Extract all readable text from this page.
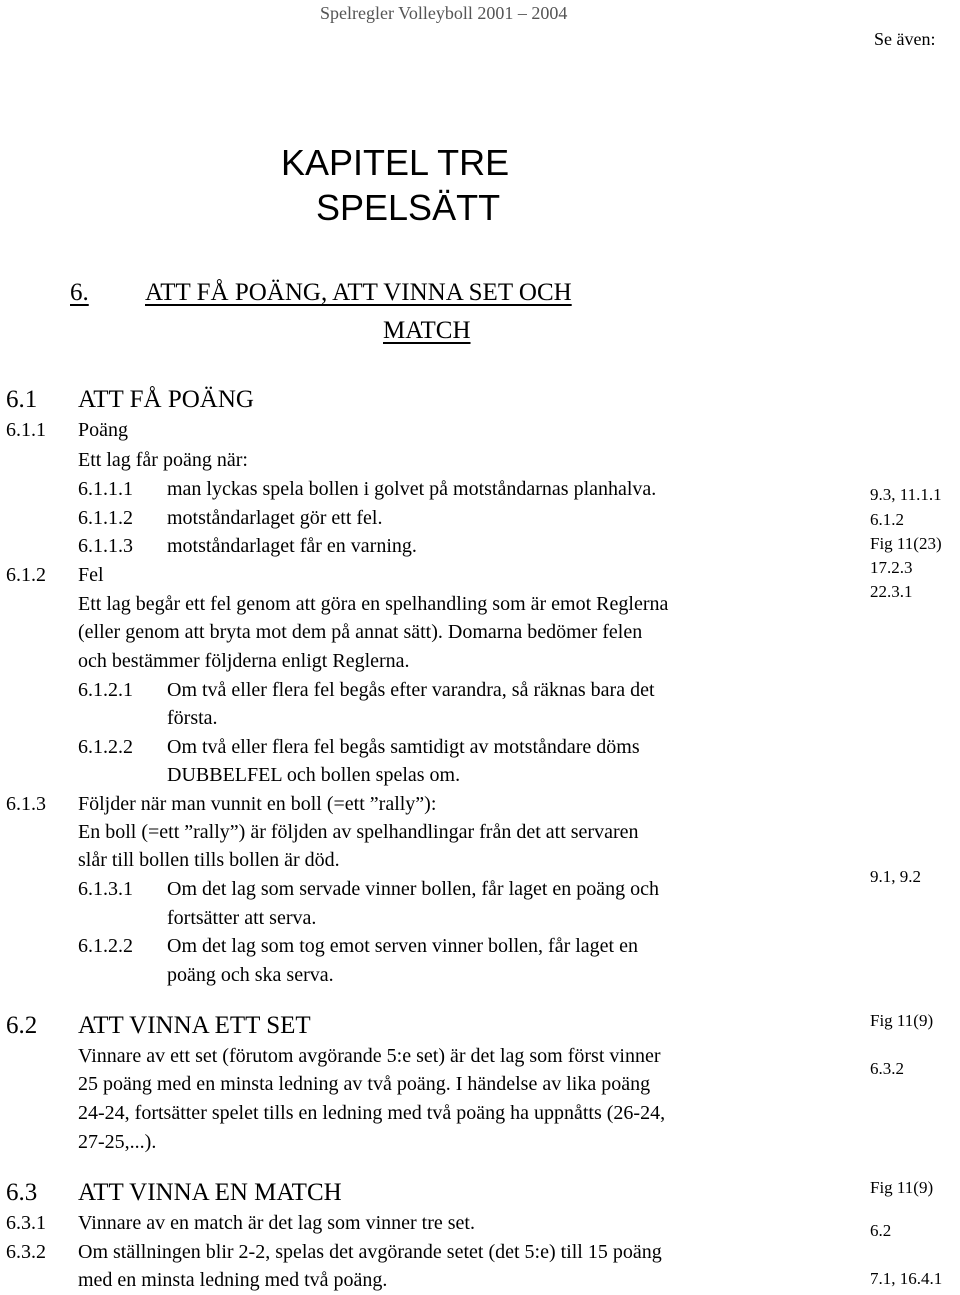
Spelregler Volleyboll 2001 – 2004
Se även:
KAPITEL TRE
SPELSÄTT
6. ATT FÅ POÄNG, ATT VINNA SET OCH
MATCH
6.1 ATT FÅ POÄNG
6.1.1 Poäng
Ett lag får poäng när:
6.1.1.1 man lyckas spela bollen i golvet på motståndarnas planhalva.
6.1.1.2 motståndarlaget gör ett fel.
6.1.1.3 motståndarlaget får en varning.
6.1.2 Fel
Ett lag begår ett fel genom att göra en spelhandling som är emot Reglerna
(eller genom att bryta mot dem på annat sätt). Domarna bedömer felen
och bestämmer följderna enligt Reglerna.
6.1.2.1 Om två eller flera fel begås efter varandra, så räknas bara det
första.
6.1.2.2 Om två eller flera fel begås samtidigt av motståndare döms
DUBBELFEL och bollen spelas om.
6.1.3 Följder när man vunnit en boll (=ett ”rally”):
En boll (=ett ”rally”) är följden av spelhandlingar från det att servaren
slår till bollen tills bollen är död.
6.1.3.1 Om det lag som servade vinner bollen, får laget en poäng och
fortsätter att serva.
6.1.2.2 Om det lag som tog emot serven vinner bollen, får laget en
poäng och ska serva.
6.2 ATT VINNA ETT SET
Vinnare av ett set (förutom avgörande 5:e set) är det lag som först vinner
25 poäng med en minsta ledning av två poäng. I händelse av lika poäng
24-24, fortsätter spelet tills en ledning med två poäng ha uppnåtts (26-24,
27-25,...).
6.3 ATT VINNA EN MATCH
6.3.1 Vinnare av en match är det lag som vinner tre set.
6.3.2 Om ställningen blir 2-2, spelas det avgörande setet (det 5:e) till 15 poäng
med en minsta ledning med två poäng.
9.3, 11.1.1
6.1.2
Fig 11(23)
17.2.3
22.3.1
9.1, 9.2
Fig 11(9)
6.3.2
Fig 11(9)
6.2
7.1, 16.4.1
